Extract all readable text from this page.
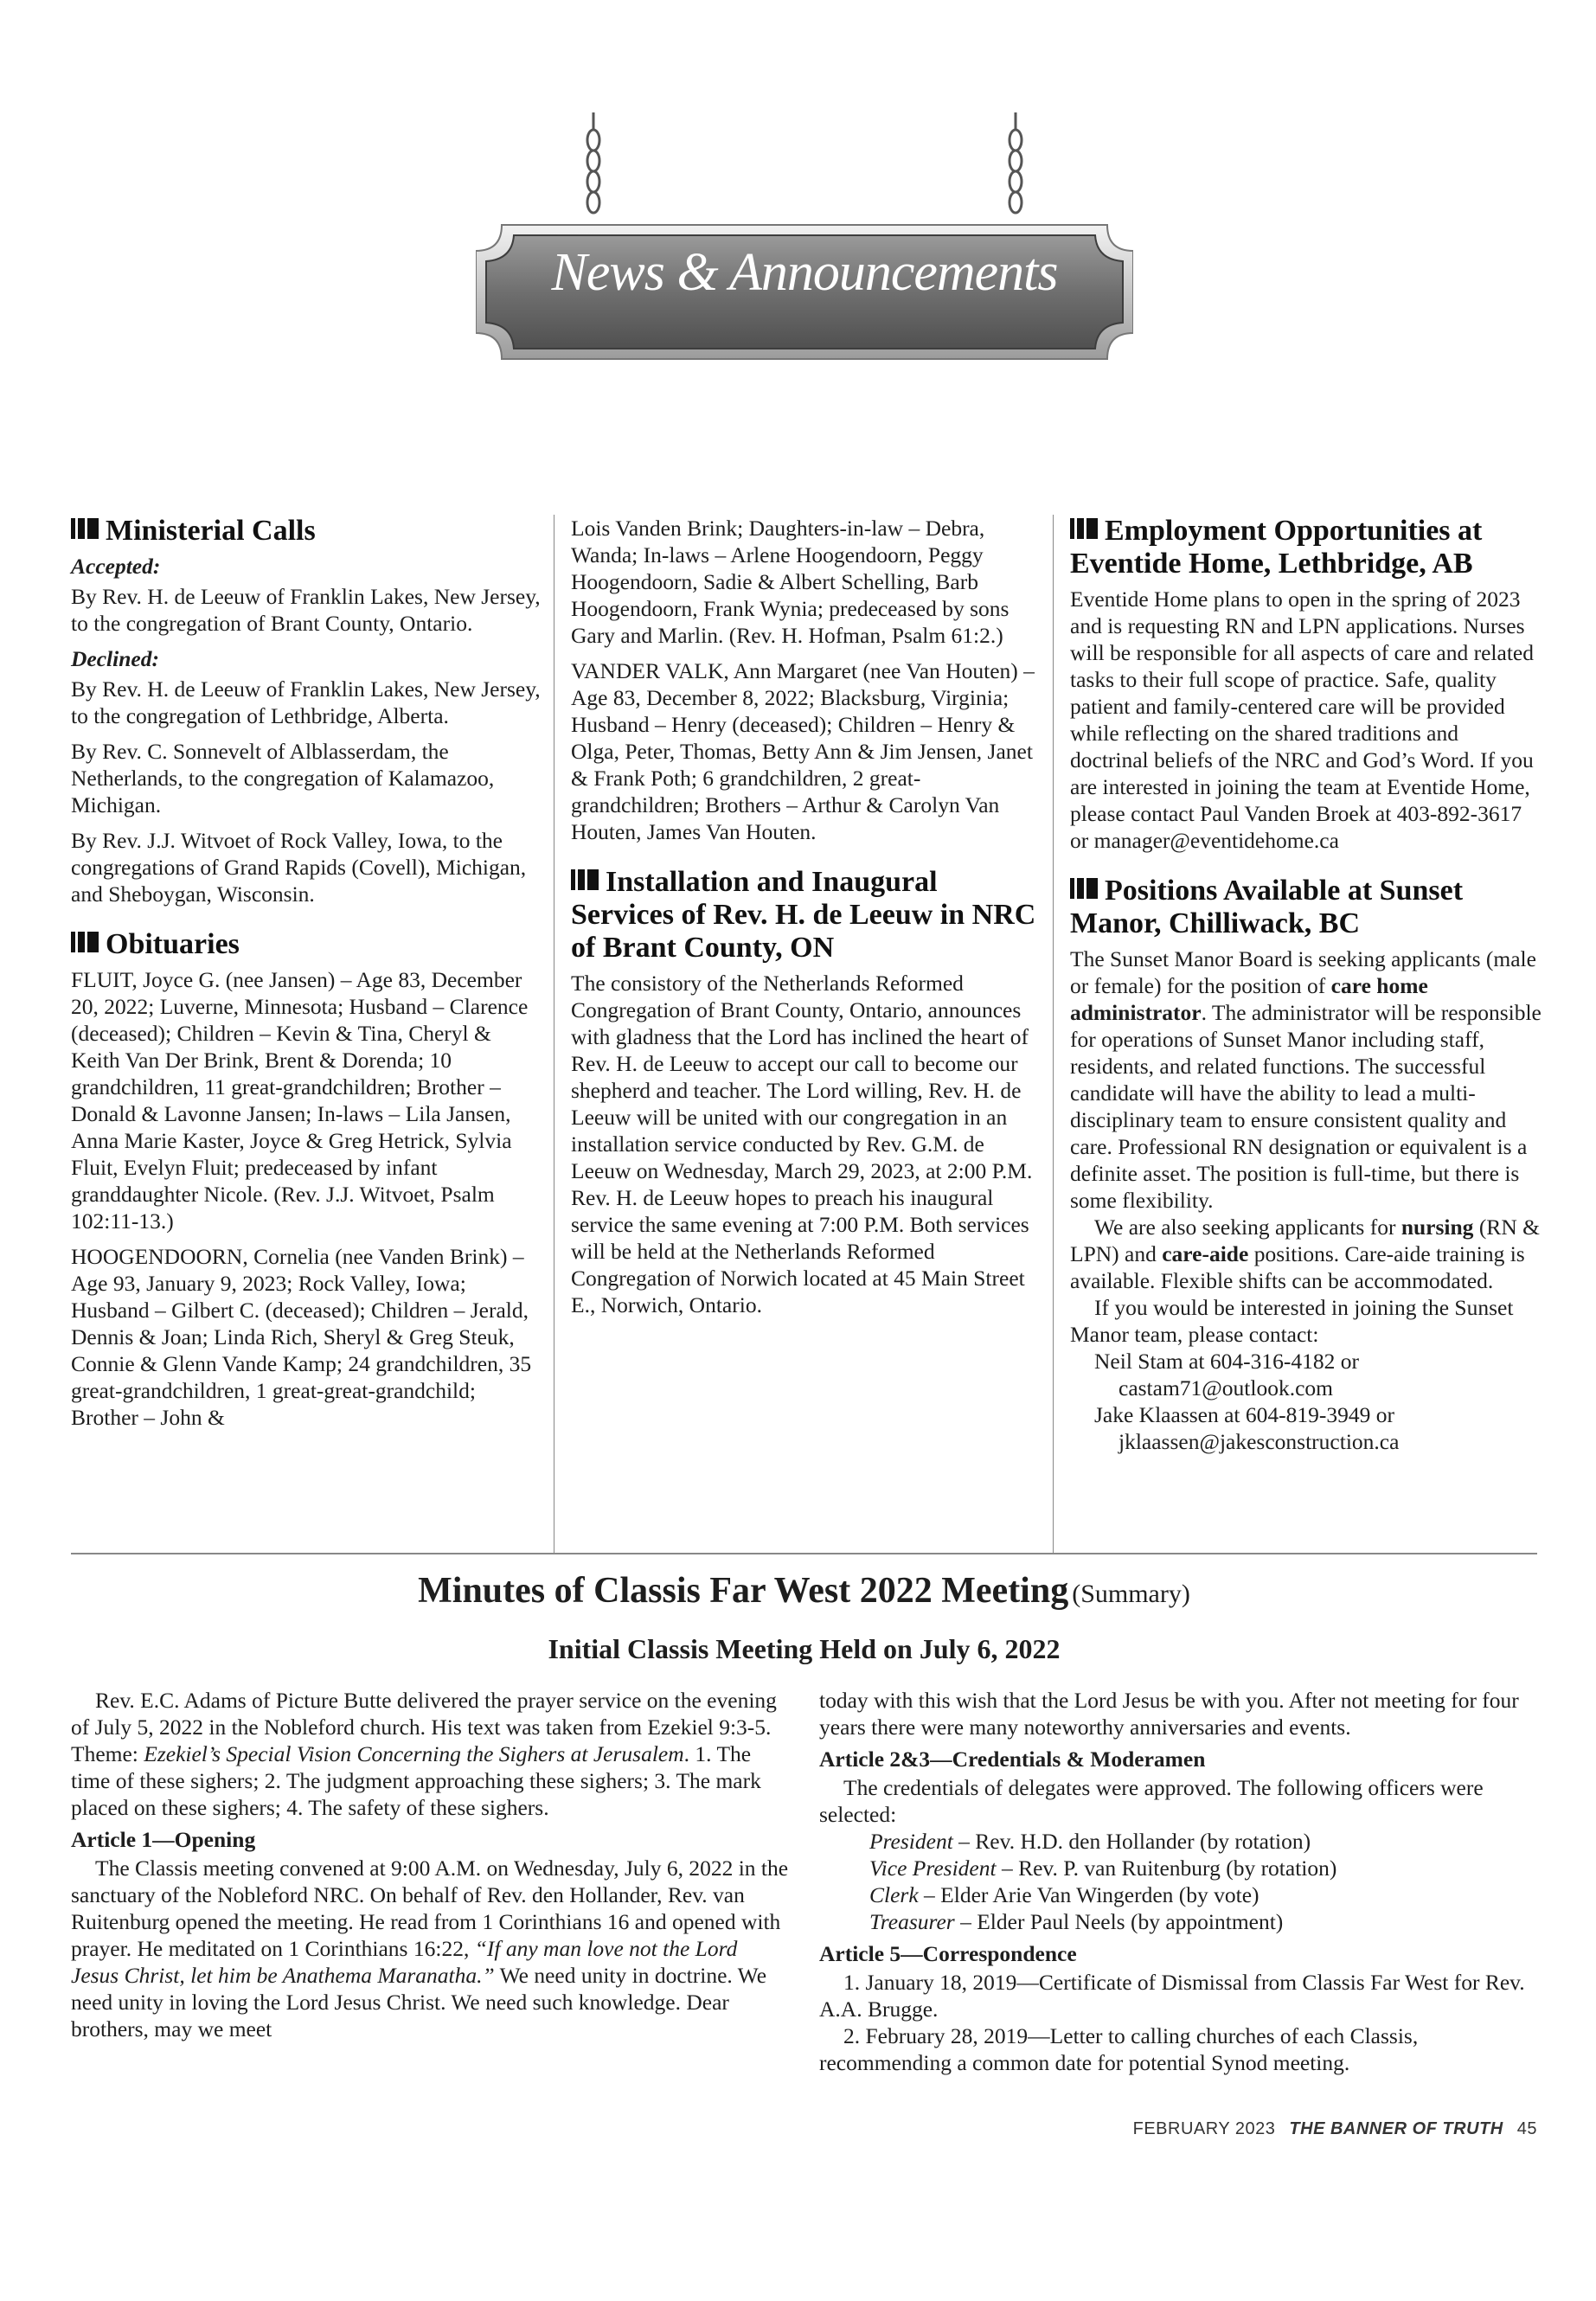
News & Announcements
Ministerial Calls
Accepted:

By Rev. H. de Leeuw of Franklin Lakes, New Jersey, to the congregation of Brant County, Ontario.

Declined:

By Rev. H. de Leeuw of Franklin Lakes, New Jersey, to the congregation of Lethbridge, Alberta.

By Rev. C. Sonnevelt of Alblasserdam, the Netherlands, to the congregation of Kalamazoo, Michigan.

By Rev. J.J. Witvoet of Rock Valley, Iowa, to the congregations of Grand Rapids (Covell), Michigan, and Sheboygan, Wisconsin.

Obituaries

FLUIT, Joyce G. (nee Jansen) – Age 83, December 20, 2022; Luverne, Minnesota; Husband – Clarence (deceased); Children – Kevin & Tina, Cheryl & Keith Van Der Brink, Brent & Dorenda; 10 grandchildren, 11 great-grandchildren; Brother – Donald & Lavonne Jansen; In-laws – Lila Jansen, Anna Marie Kaster, Joyce & Greg Hetrick, Sylvia Fluit, Evelyn Fluit; predeceased by infant granddaughter Nicole. (Rev. J.J. Witvoet, Psalm 102:11-13.)

HOOGENDOORN, Cornelia (nee Vanden Brink) – Age 93, January 9, 2023; Rock Valley, Iowa; Husband – Gilbert C. (deceased); Children – Jerald, Dennis & Joan; Linda Rich, Sheryl & Greg Steuk, Connie & Glenn Vande Kamp; 24 grandchildren, 35 great-grandchildren, 1 great-great-grandchild; Brother – John &

Lois Vanden Brink; Daughters-in-law – Debra, Wanda; In-laws – Arlene Hoogendoorn, Peggy Hoogendoorn, Sadie & Albert Schelling, Barb Hoogendoorn, Frank Wynia; predeceased by sons Gary and Marlin. (Rev. H. Hofman, Psalm 61:2.)

VANDER VALK, Ann Margaret (nee Van Houten) – Age 83, December 8, 2022; Blacksburg, Virginia; Husband – Henry (deceased); Children – Henry & Olga, Peter, Thomas, Betty Ann & Jim Jensen, Janet & Frank Poth; 6 grandchildren, 2 great-grandchildren; Brothers – Arthur & Carolyn Van Houten, James Van Houten.

Installation and Inaugural Services of Rev. H. de Leeuw in NRC of Brant County, ON

The consistory of the Netherlands Reformed Congregation of Brant County, Ontario, announces with gladness that the Lord has inclined the heart of Rev. H. de Leeuw to accept our call to become our shepherd and teacher. The Lord willing, Rev. H. de Leeuw will be united with our congregation in an installation service conducted by Rev. G.M. de Leeuw on Wednesday, March 29, 2023, at 2:00 P.M. Rev. H. de Leeuw hopes to preach his inaugural service the same evening at 7:00 P.M. Both services will be held at the Netherlands Reformed Congregation of Norwich located at 45 Main Street E., Norwich, Ontario.

Employment Opportunities at Eventide Home, Lethbridge, AB

Eventide Home plans to open in the spring of 2023 and is requesting RN and LPN applications. Nurses will be responsible for all aspects of care and related tasks to their full scope of practice. Safe, quality patient and family-centered care will be provided while reflecting on the shared traditions and doctrinal beliefs of the NRC and God’s Word. If you are interested in joining the team at Eventide Home, please contact Paul Vanden Broek at 403-892-3617 or manager@eventidehome.ca

Positions Available at Sunset Manor, Chilliwack, BC

The Sunset Manor Board is seeking applicants (male or female) for the position of care home administrator. The administrator will be responsible for operations of Sunset Manor including staff, residents, and related functions. The successful candidate will have the ability to lead a multi-disciplinary team to ensure consistent quality and care. Professional RN designation or equivalent is a definite asset. The position is full-time, but there is some flexibility.

We are also seeking applicants for nursing (RN & LPN) and care-aide positions. Care-aide training is available. Flexible shifts can be accommodated.

If you would be interested in joining the Sunset Manor team, please contact:

Neil Stam at 604-316-4182 or

castam71@outlook.com

Jake Klaassen at 604-819-3949 or

jklaassen@jakesconstruction.ca

Minutes of Classis Far West 2022 Meeting (Summary)
Initial Classis Meeting Held on July 6, 2022

Rev. E.C. Adams of Picture Butte delivered the prayer service on the evening of July 5, 2022 in the Nobleford church. His text was taken from Ezekiel 9:3-5. Theme: Ezekiel’s Special Vision Concerning the Sighers at Jerusalem. 1. The time of these sighers; 2. The judgment approaching these sighers; 3. The mark placed on these sighers; 4. The safety of these sighers.

Article 1—Opening

The Classis meeting convened at 9:00 A.M. on Wednesday, July 6, 2022 in the sanctuary of the Nobleford NRC. On behalf of Rev. den Hollander, Rev. van Ruitenburg opened the meeting. He read from 1 Corinthians 16 and opened with prayer. He meditated on 1 Corinthians 16:22, “If any man love not the Lord Jesus Christ, let him be Anathema Maranatha.” We need unity in doctrine. We need unity in loving the Lord Jesus Christ. We need such knowledge. Dear brothers, may we meet

today with this wish that the Lord Jesus be with you. After not meeting for four years there were many noteworthy anniversaries and events.

Article 2&3—Credentials & Moderamen

The credentials of delegates were approved. The following officers were selected:

President – Rev. H.D. den Hollander (by rotation)

Vice President – Rev. P. van Ruitenburg (by rotation)

Clerk – Elder Arie Van Wingerden (by vote)

Treasurer – Elder Paul Neels (by appointment)

Article 5—Correspondence

1. January 18, 2019—Certificate of Dismissal from Classis Far West for Rev. A.A. Brugge.

2. February 28, 2019—Letter to calling churches of each Classis, recommending a common date for potential Synod meeting.

FEBRUARY 2023 THE BANNER OF TRUTH 45
